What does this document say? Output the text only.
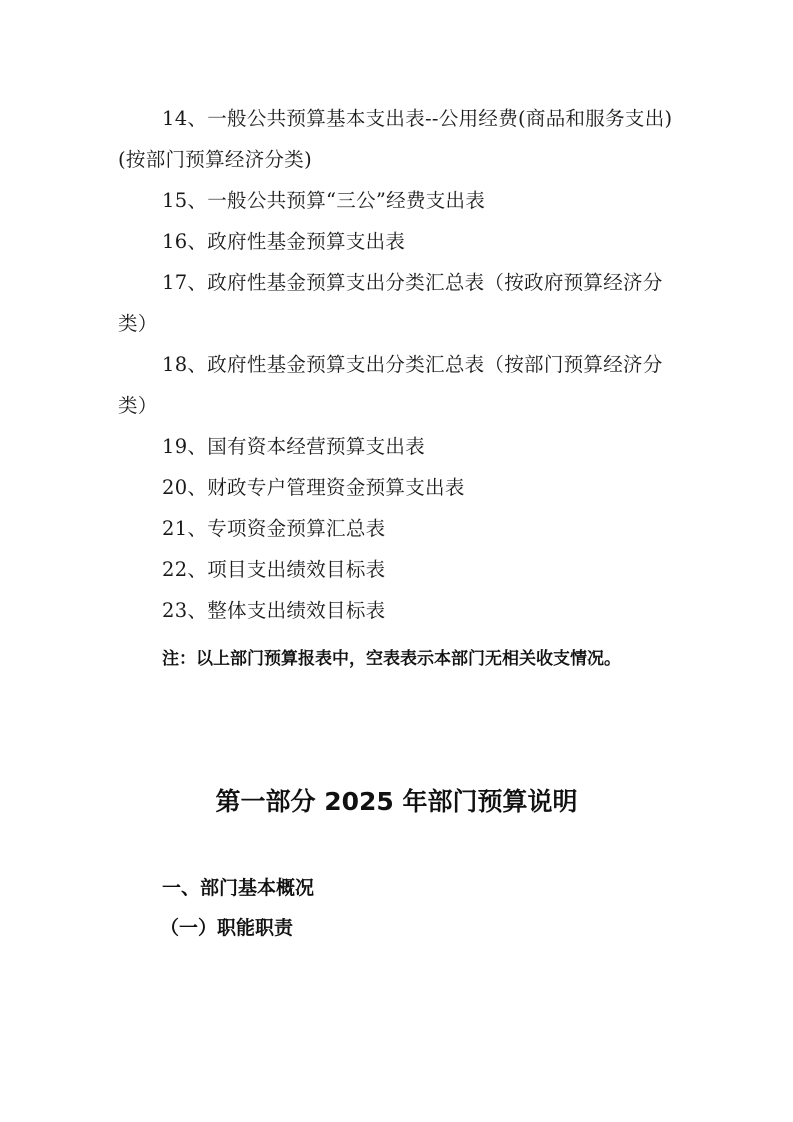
14、一般公共预算基本支出表--公用经费(商品和服务支出)(按部门预算经济分类)
15、一般公共预算“三公”经费支出表
16、政府性基金预算支出表
17、政府性基金预算支出分类汇总表（按政府预算经济分类）
18、政府性基金预算支出分类汇总表（按部门预算经济分类）
19、国有资本经营预算支出表
20、财政专户管理资金预算支出表
21、专项资金预算汇总表
22、项目支出绩效目标表
23、整体支出绩效目标表
注：以上部门预算报表中，空表表示本部门无相关收支情况。
第一部分 2025 年部门预算说明
一、部门基本概况
（一）职能职责
